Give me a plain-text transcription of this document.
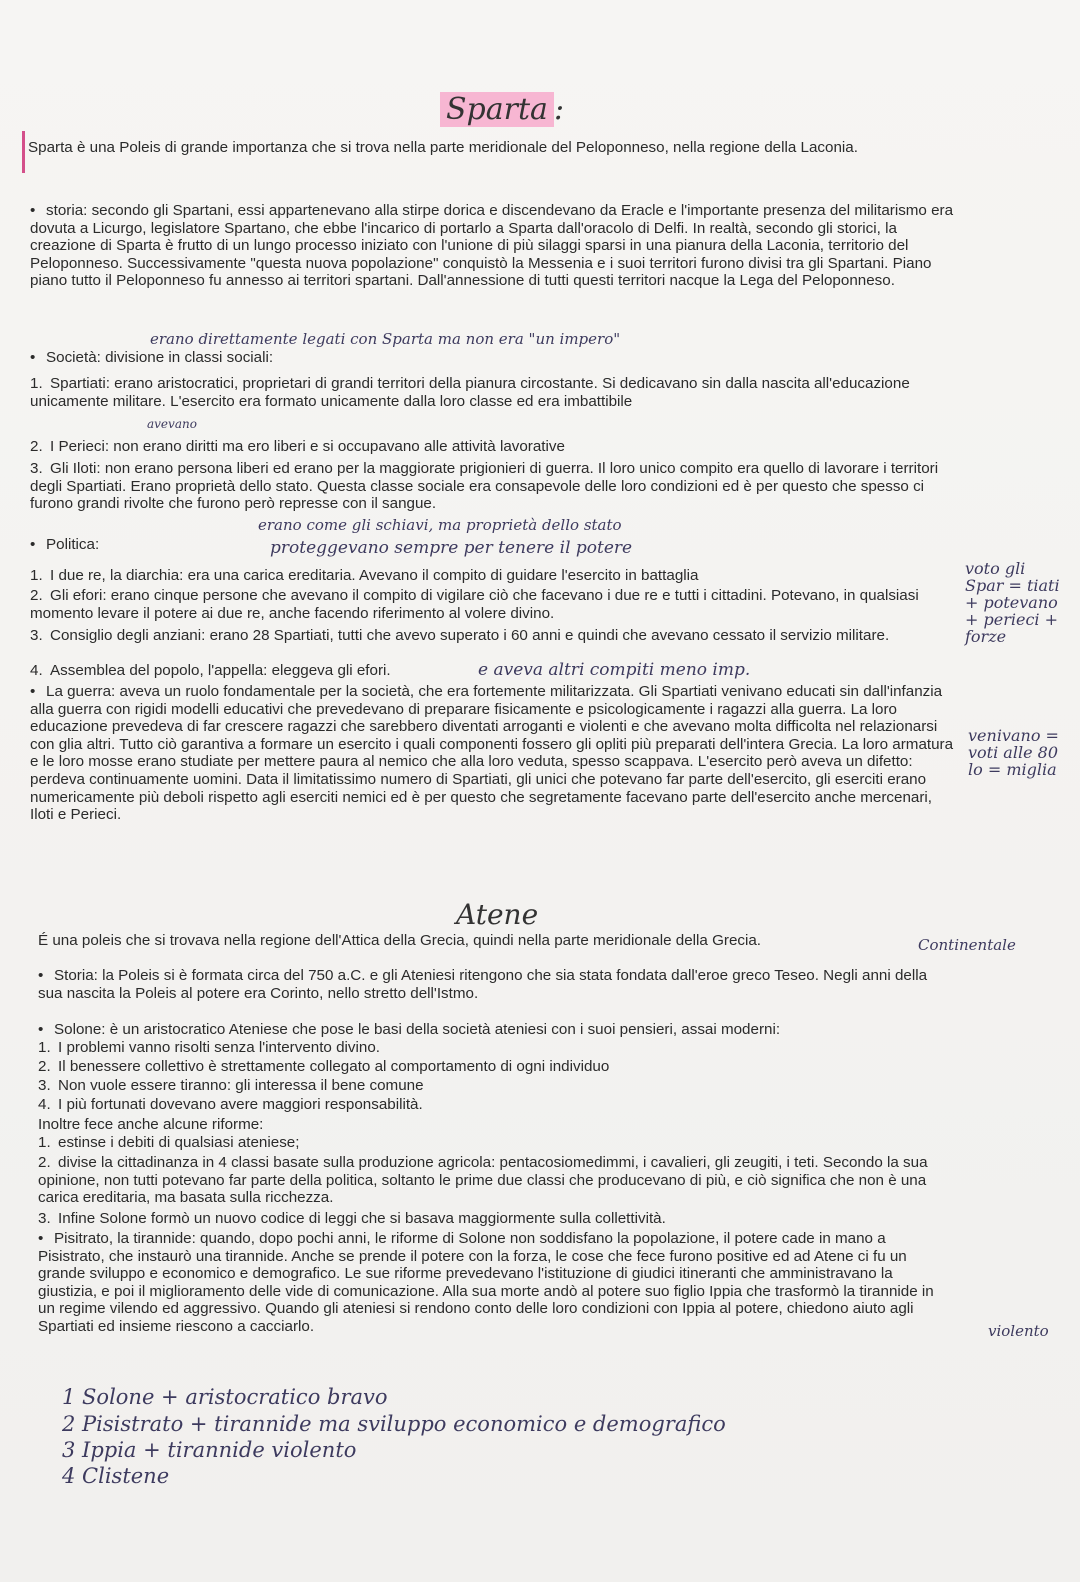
Sparta :
Sparta è una Poleis di grande importanza che si trova nella parte meridionale del Peloponneso, nella regione della Laconia.
• storia: secondo gli Spartani, essi appartenevano alla stirpe dorica e discendevano da Eracle e l'importante presenza del militarismo era dovuta a Licurgo, legislatore Spartano, che ebbe l'incarico di portarlo a Sparta dall'oracolo di Delfi. In realtà, secondo gli storici, la creazione di Sparta è frutto di un lungo processo iniziato con l'unione di più silaggi sparsi in una pianura della Laconia, territorio del Peloponneso. Successivamente "questa nuova popolazione" conquistò la Messenia e i suoi territori furono divisi tra gli Spartani. Piano piano tutto il Peloponneso fu annesso ai territori spartani. Dall'annessione di tutti questi territori nacque la Lega del Peloponneso.
erano direttamente legati con Sparta ma non era "un impero"
• Società: divisione in classi sociali:
1. Spartiati: erano aristocratici, proprietari di grandi territori della pianura circostante. Si dedicavano sin dalla nascita all'educazione unicamente militare. L'esercito era formato unicamente dalla loro classe ed era imbattibile
avevano
2. I Perieci: non erano diritti ma ero liberi e si occupavano alle attività lavorative
3. Gli Iloti: non erano persona liberi ed erano per la maggiorate prigionieri di guerra. Il loro unico compito era quello di lavorare i territori degli Spartiati. Erano proprietà dello stato. Questa classe sociale era consapevole delle loro condizioni ed è per questo che spesso ci furono grandi rivolte che furono però represse con il sangue.
erano come gli schiavi, ma proprietà dello stato
• Politica:	proteggevano sempre per tenere il potere
1. I due re, la diarchia: era una carica ereditaria. Avevano il compito di guidare l'esercito in battaglia
2. Gli efori: erano cinque persone che avevano il compito di vigilare ciò che facevano i due re e tutti i cittadini. Potevano, in qualsiasi momento levare il potere ai due re, anche facendo riferimento al volere divino.
3. Consiglio degli anziani: erano 28 Spartiati, tutti che avevo superato i 60 anni e quindi che avevano cessato il servizio militare.
4. Assemblea del popolo, l'appella: eleggeva gli efori.	e aveva altri compiti meno imp.
voto gli Spar = tiati + potevano + perieci + forze
• La guerra: aveva un ruolo fondamentale per la società, che era fortemente militarizzata. Gli Spartiati venivano educati sin dall'infanzia alla guerra con rigidi modelli educativi che prevedevano di preparare fisicamente e psicologicamente i ragazzi alla guerra. La loro educazione prevedeva di far crescere ragazzi che sarebbero diventati arroganti e violenti e che avevano molta difficolta nel relazionarsi con glia altri. Tutto ciò garantiva a formare un esercito i quali componenti fossero gli opliti più preparati dell'intera Grecia. La loro armatura e le loro mosse erano studiate per mettere paura al nemico che alla loro veduta, spesso scappava. L'esercito però aveva un difetto: perdeva continuamente uomini. Data il limitatissimo numero di Spartiati, gli unici che potevano far parte dell'esercito, gli eserciti erano numericamente più deboli rispetto agli eserciti nemici ed è per questo che segretamente facevano parte dell'esercito anche mercenari, Iloti e Perieci.
venivano = voti alle 80 lo = miglia
Atene
É una poleis che si trovava nella regione dell'Attica della Grecia, quindi nella parte meridionale della Grecia.	Continentale
• Storia: la Poleis si è formata circa del 750 a.C. e gli Ateniesi ritengono che sia stata fondata dall'eroe greco Teseo. Negli anni della sua nascita la Poleis al potere era Corinto, nello stretto dell'Istmo.
• Solone: è un aristocratico Ateniese che pose le basi della società ateniesi con i suoi pensieri, assai moderni:
1. I problemi vanno risolti senza l'intervento divino.
2. Il benessere collettivo è strettamente collegato al comportamento di ogni individuo
3. Non vuole essere tiranno: gli interessa il bene comune
4. I più fortunati dovevano avere maggiori responsabilità.
Inoltre fece anche alcune riforme:
1. estinse i debiti di qualsiasi ateniese;
2. divise la cittadinanza in 4 classi basate sulla produzione agricola: pentacosiomedimmi, i cavalieri, gli zeugiti, i teti. Secondo la sua opinione, non tutti potevano far parte della politica, soltanto le prime due classi che producevano di più, e ciò significa che non è una carica ereditaria, ma basata sulla ricchezza.
3. Infine Solone formò un nuovo codice di leggi che si basava maggiormente sulla collettività.
• Pisitrato, la tirannide: quando, dopo pochi anni, le riforme di Solone non soddisfano la popolazione, il potere cade in mano a Pisistrato, che instaurò una tirannide. Anche se prende il potere con la forza, le cose che fece furono positive ed ad Atene ci fu un grande sviluppo e economico e demografico. Le sue riforme prevedevano l'istituzione di giudici itineranti che amministravano la giustizia, e poi il miglioramento delle vide di comunicazione. Alla sua morte andò al potere suo figlio Ippia che trasformò la tirannide in un regime vilendo ed aggressivo. Quando gli ateniesi si rendono conto delle loro condizioni con Ippia al potere, chiedono aiuto agli Spartiati ed insieme riescono a cacciarlo.	violento
1 Solone + aristocratico bravo
2 Pisistrato + tirannide ma sviluppo economico e demografico
3 Ippia + tirannide violento
4 Clistene
